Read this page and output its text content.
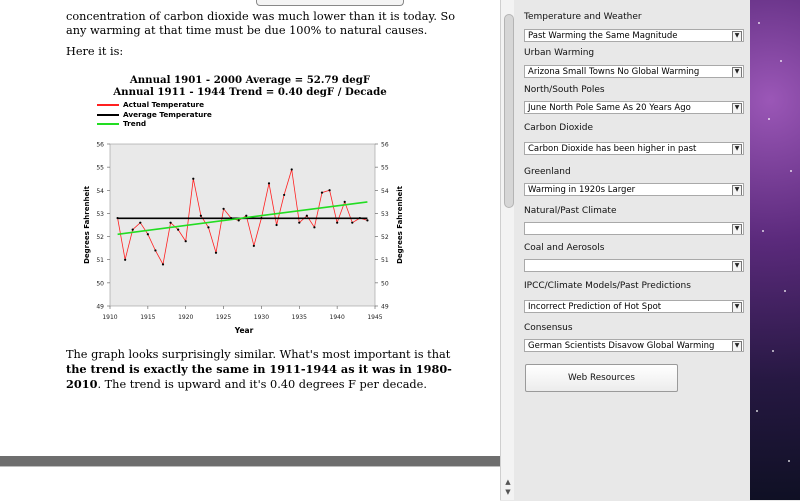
concentration of carbon dioxide was much lower than it is today. So any warming at that time must be due 100% to natural causes.

Here it is:

Annual 1901 - 2000 Average = 52.79 degF
Annual 1911 - 1944 Trend = 0.40 degF / Decade
Actual Temperature
Average Temperature
Trend
49	49
50	50
51	51
52	52
53	53
54	54
55	55
56	56
1910	1915	1920	1925	1930	1935	1940	1945
Year
Degrees Fahrenheit	Degrees Fahrenheit

The graph looks surprisingly similar. What's most important is that the trend is exactly the same in 1911-1944 as it was in 1980-2010. The trend is upward and it's 0.40 degrees F per decade.

▲
▼
Temperature and Weather
Past Warming the Same Magnitude	▼
Urban Warming
Arizona Small Towns No Global Warming	▼
North/South Poles
June North Pole Same As 20 Years Ago	▼
Carbon Dioxide
Carbon Dioxide has been higher in past	▼
Greenland
Warming in 1920s Larger	▼
Natural/Past Climate
▼
Coal and Aerosols
▼
IPCC/Climate Models/Past Predictions
Incorrect Prediction of Hot Spot	▼
Consensus
German Scientists Disavow Global Warming	▼
Web Resources
